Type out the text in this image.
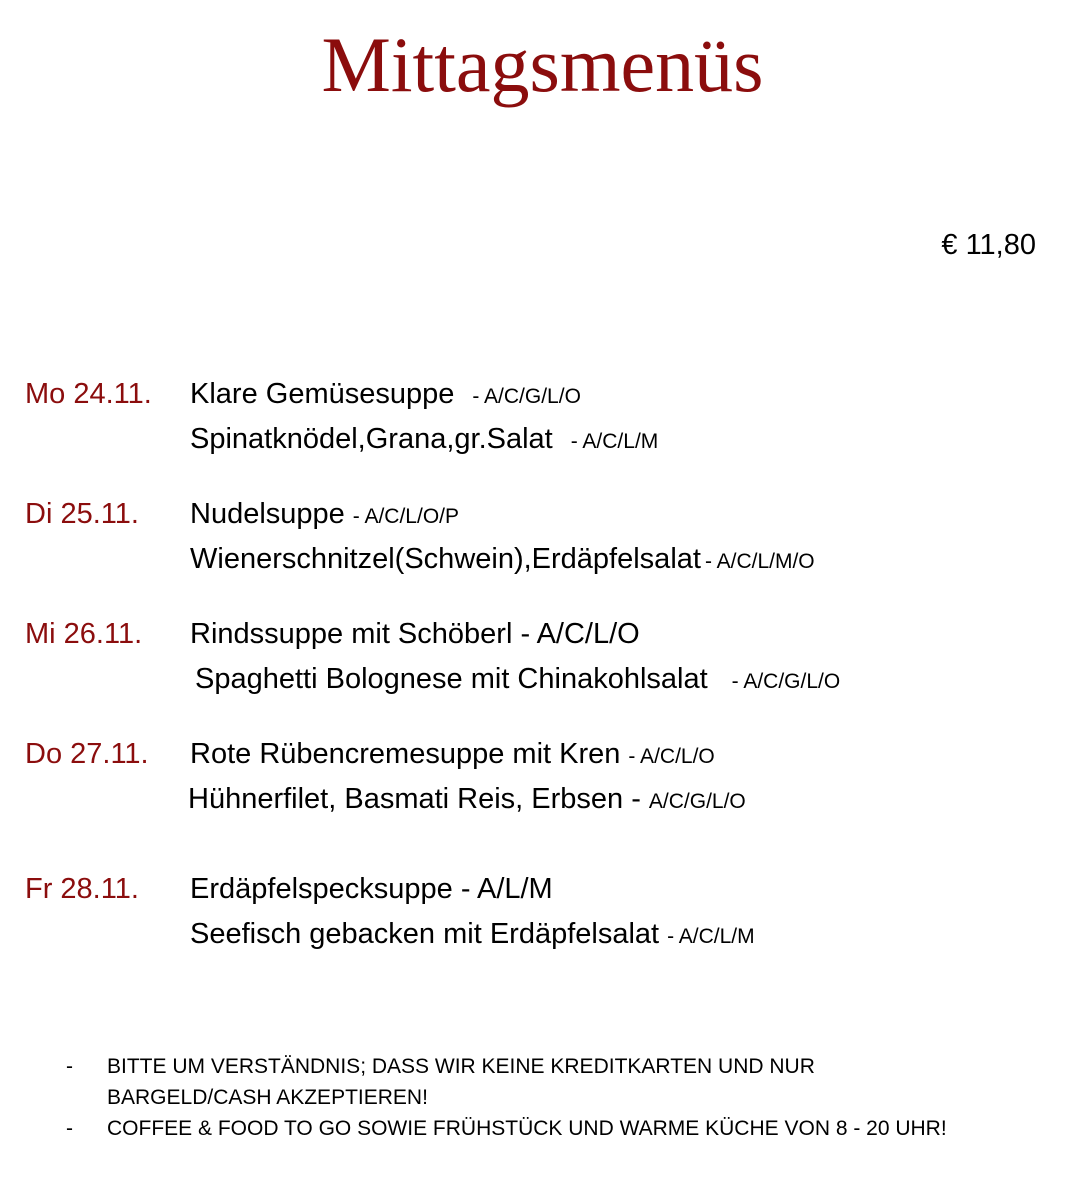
Mittagsmenüs
€ 11,80
Mo 24.11. Klare Gemüsesuppe - A/C/G/L/O
Spinatknödel,Grana,gr.Salat - A/C/L/M
Di 25.11. Nudelsuppe - A/C/L/O/P
Wienerschnitzel(Schwein),Erdäpfelsalat - A/C/L/M/O
Mi 26.11. Rindssuppe mit Schöberl - A/C/L/O
Spaghetti Bolognese mit Chinakohlsalat - A/C/G/L/O
Do 27.11. Rote Rübencremesuppe mit Kren - A/C/L/O
Hühnerfilet, Basmati Reis, Erbsen - A/C/G/L/O
Fr 28.11. Erdäpfelspecksuppe - A/L/M
Seefisch gebacken mit Erdäpfelsalat - A/C/L/M
- BITTE UM VERSTÄNDNIS; DASS WIR KEINE KREDITKARTEN UND NUR
BARGELD/CASH AKZEPTIEREN!
- COFFEE & FOOD TO GO SOWIE FRÜHSTÜCK UND WARME KÜCHE VON 8 - 20 UHR!
